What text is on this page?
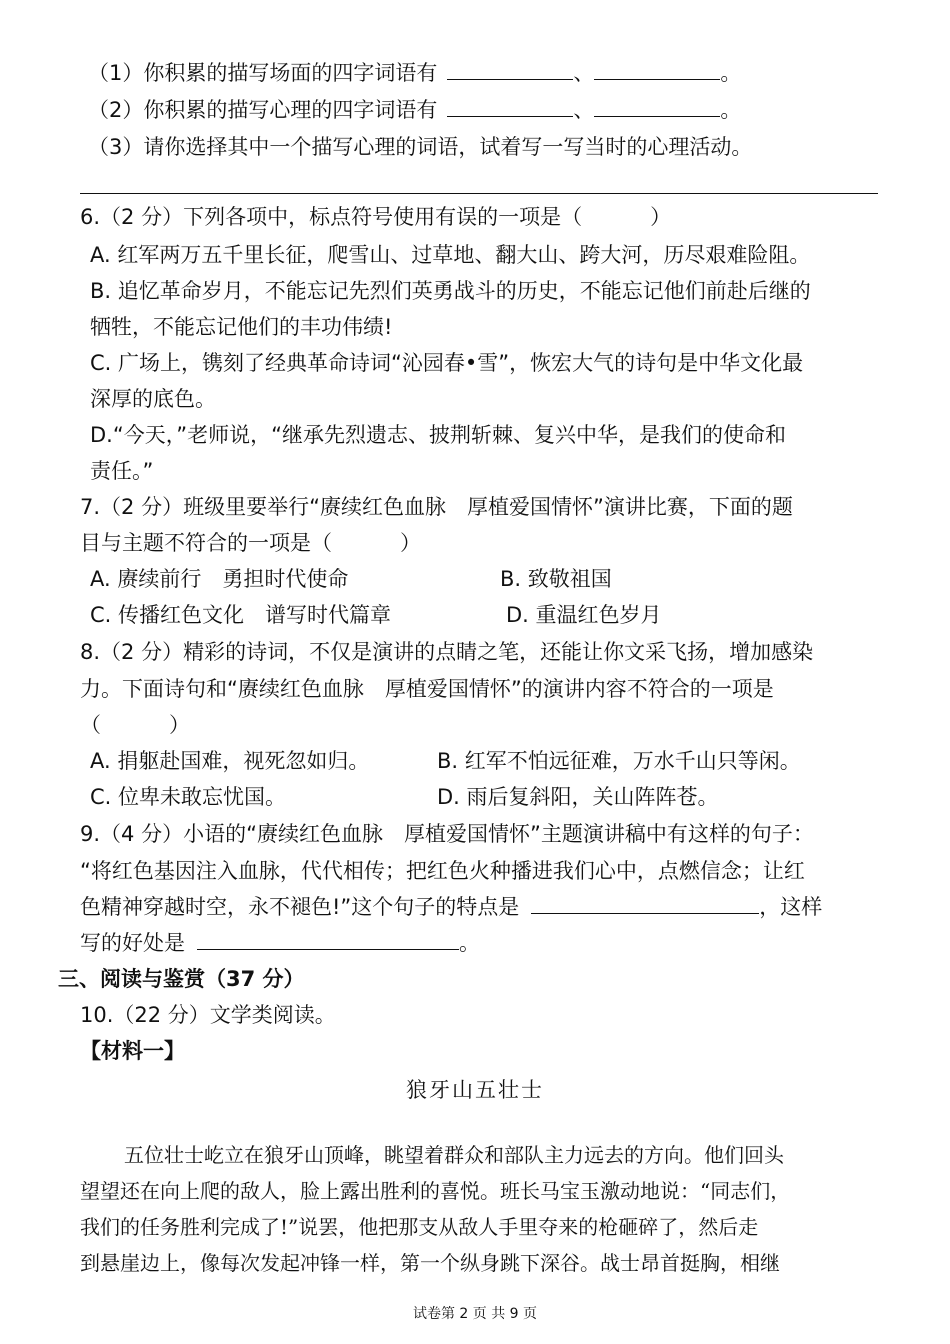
（1）你积累的描写场面的四字词语有	、	。

（2）你积累的描写心理的四字词语有	、	。

（3）请你选择其中一个描写心理的词语，试着写一写当时的心理活动。

6.（2 分）下列各项中，标点符号使用有误的一项是（	）

A. 红军两万五千里长征，爬雪山、过草地、翻大山、跨大河，历尽艰难险阻。

B. 追忆革命岁月，不能忘记先烈们英勇战斗的历史，不能忘记他们前赴后继的

牺牲，不能忘记他们的丰功伟绩!

C. 广场上，镌刻了经典革命诗词“沁园春•雪”，恢宏大气的诗句是中华文化最

深厚的底色。

D.“今天，”老师说，“继承先烈遗志、披荆斩棘、复兴中华，是我们的使命和

责任。”

7.（2 分）班级里要举行“赓续红色血脉　厚植爱国情怀”演讲比赛，下面的题

目与主题不符合的一项是（	）

A. 赓续前行　勇担时代使命	B. 致敬祖国

C. 传播红色文化　谱写时代篇章	D. 重温红色岁月

8.（2 分）精彩的诗词，不仅是演讲的点睛之笔，还能让你文采飞扬，增加感染

力。下面诗句和“赓续红色血脉　厚植爱国情怀”的演讲内容不符合的一项是

（	）

A. 捐躯赴国难，视死忽如归。	B. 红军不怕远征难，万水千山只等闲。

C. 位卑未敢忘忧国。	D. 雨后复斜阳，关山阵阵苍。

9.（4 分）小语的“赓续红色血脉　厚植爱国情怀”主题演讲稿中有这样的句子：

“将红色基因注入血脉，代代相传；把红色火种播进我们心中，点燃信念；让红

色精神穿越时空，永不褪色!”这个句子的特点是	，这样

写的好处是	。

三、阅读与鉴赏（37 分）

10.（22 分）文学类阅读。

【材料一】

狼牙山五壮士

五位壮士屹立在狼牙山顶峰，眺望着群众和部队主力远去的方向。他们回头

望望还在向上爬的敌人，脸上露出胜利的喜悦。班长马宝玉激动地说：“同志们，

我们的任务胜利完成了!”说罢，他把那支从敌人手里夺来的枪砸碎了，然后走

到悬崖边上，像每次发起冲锋一样，第一个纵身跳下深谷。战士昂首挺胸，相继

试卷第 2 页 共 9 页
